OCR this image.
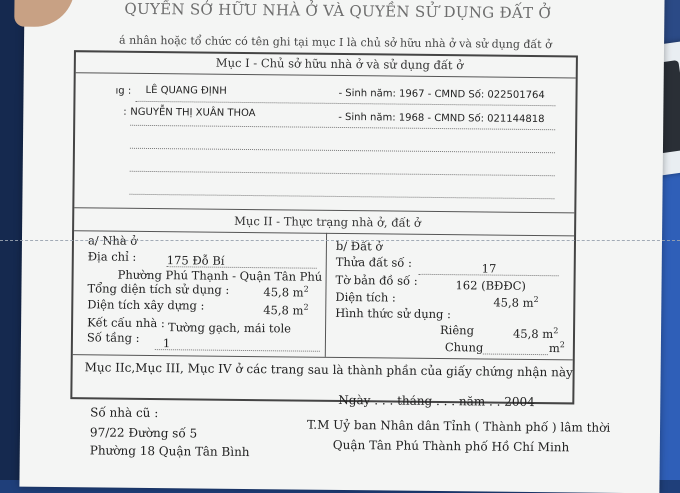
QUYỀN SỞ HỮU NHÀ Ở VÀ QUYỀN SỬ DỤNG ĐẤT Ở
á nhân hoặc tổ chức có tên ghi tại mục I là chủ sở hữu nhà ở và sử dụng đất ở
Mục I - Chủ sở hữu nhà ở và sử dụng đất ở
ıg : LÊ QUANG ĐỊNH	- Sinh năm: 1967 - CMND Số: 022501764
: NGUYỄN THỊ XUÂN THOA	- Sinh năm: 1968 - CMND Số: 021144818
Mục II - Thực trạng nhà ở, đất ở
a/ Nhà ở
Địa chỉ :	175 Đỗ Bí
Phường Phú Thạnh - Quận Tân Phú
Tổng diện tích sử dụng :	45,8 $m^2$
Diện tích xây dựng :	45,8 $m^2$
Kết cấu nhà : Tường gạch, mái tole
Số tầng : 1
b/ Đất ở
Thửa đất số :	17
Tờ bản đồ số :	162 (BĐĐC)
Diện tích :	45,8 $m^2$
Hình thức sử dụng :
Riêng	45,8 $m^2$
Chung	$m^2$
Mục IIc,Mục III, Mục IV ở các trang sau là thành phần của giấy chứng nhận này
Số nhà cũ :
97/22 Đường số 5
Phường 18 Quận Tân Bình
Ngày . . . tháng . . . năm . . 2004
T.M Uỷ ban Nhân dân Tỉnh ( Thành phố ) lâm thời
Quận Tân Phú Thành phố Hồ Chí Minh
